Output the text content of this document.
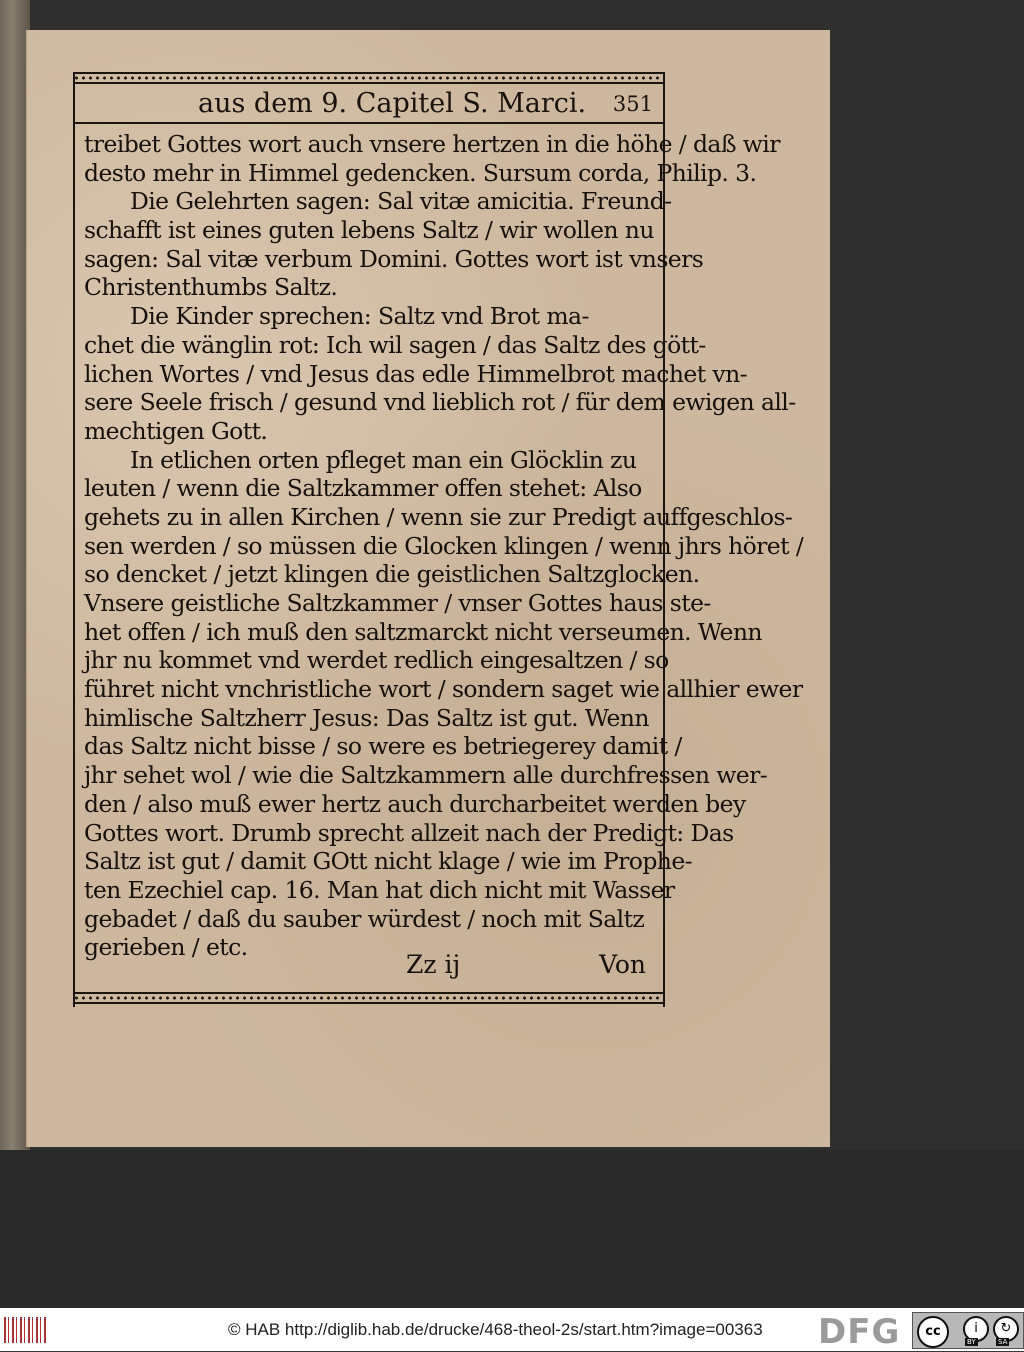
aus dem 9. Capitel S. Marci. 351
treibet Gottes wort auch vnsere hertzen in die höhe / daß wir
desto mehr in Himmel gedencken. Sursum corda, Philip. 3.
Die Gelehrten sagen: Sal vitæ amicitia. Freund-
schafft ist eines guten lebens Saltz / wir wollen nu
sagen: Sal vitæ verbum Domini. Gottes wort ist vnsers
Christenthumbs Saltz.
Die Kinder sprechen: Saltz vnd Brot ma-
chet die wänglin rot: Ich wil sagen / das Saltz des gött-
lichen Wortes / vnd Jesus das edle Himmelbrot machet vn-
sere Seele frisch / gesund vnd lieblich rot / für dem ewigen all-
mechtigen Gott.
In etlichen orten pfleget man ein Glöcklin zu
leuten / wenn die Saltzkammer offen stehet: Also
gehets zu in allen Kirchen / wenn sie zur Predigt auffgeschlos-
sen werden / so müssen die Glocken klingen / wenn jhrs höret /
so dencket / jetzt klingen die geistlichen Saltzglocken.
Vnsere geistliche Saltzkammer / vnser Gottes haus ste-
het offen / ich muß den saltzmarckt nicht verseumen. Wenn
jhr nu kommet vnd werdet redlich eingesaltzen / so
führet nicht vnchristliche wort / sondern saget wie allhier ewer
himlische Saltzherr Jesus: Das Saltz ist gut. Wenn
das Saltz nicht bisse / so were es betriegerey damit /
jhr sehet wol / wie die Saltzkammern alle durchfressen wer-
den / also muß ewer hertz auch durcharbeitet werden bey
Gottes wort. Drumb sprecht allzeit nach der Predigt: Das
Saltz ist gut / damit GOtt nicht klage / wie im Prophe-
ten Ezechiel cap. 16. Man hat dich nicht mit Wasser
gebadet / daß du sauber würdest / noch mit Saltz
gerieben / etc.
Zz ij	Von
© HAB http://diglib.hab.de/drucke/468-theol-2s/start.htm?image=00363 DFG	cc	i	↻
BY	SA
